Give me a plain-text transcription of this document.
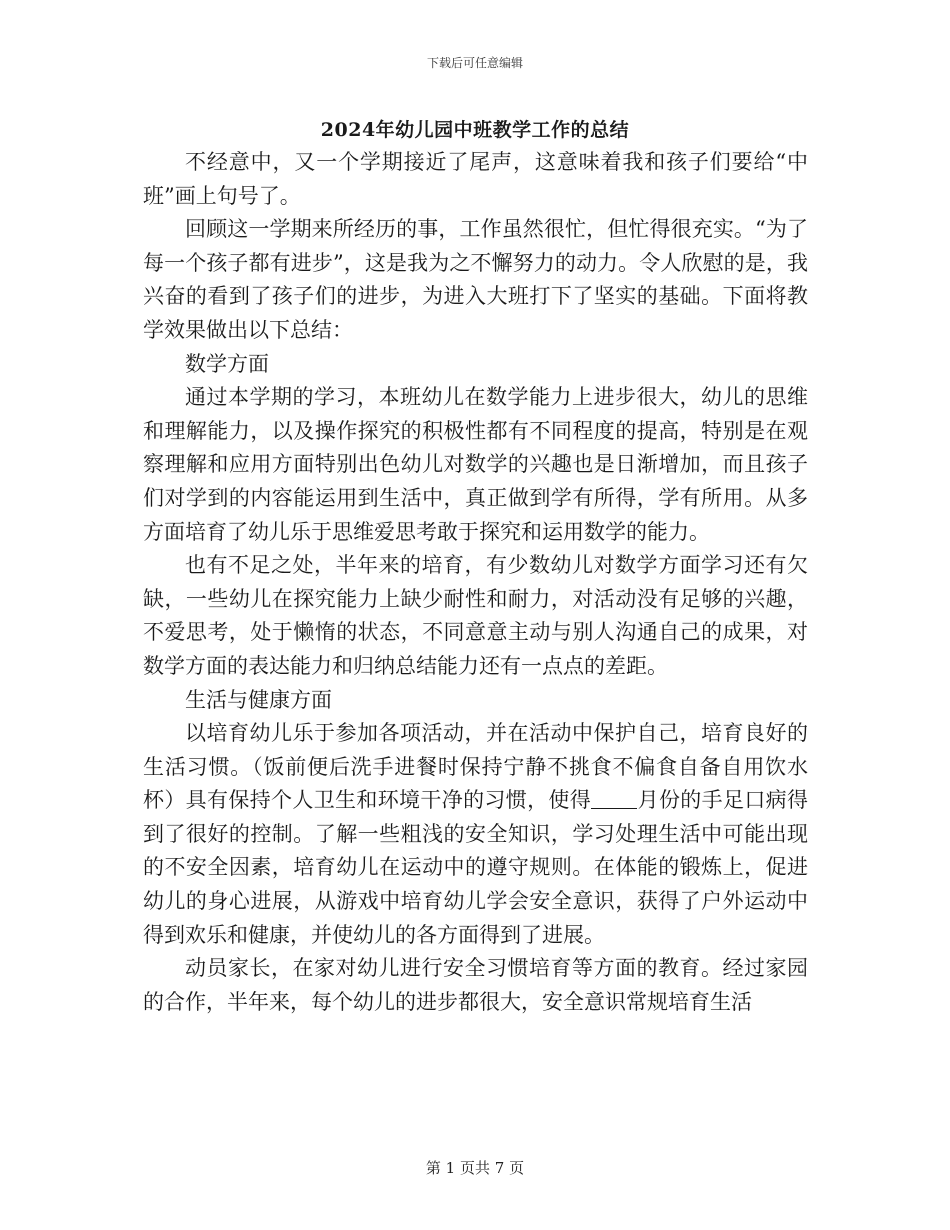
下载后可任意编辑
2024年幼儿园中班教学工作的总结

不经意中，又一个学期接近了尾声，这意味着我和孩子们要给“中班”画上句号了。

回顾这一学期来所经历的事，工作虽然很忙，但忙得很充实。“为了每一个孩子都有进步”，这是我为之不懈努力的动力。令人欣慰的是，我兴奋的看到了孩子们的进步，为进入大班打下了坚实的基础。下面将教学效果做出以下总结：

数学方面

通过本学期的学习，本班幼儿在数学能力上进步很大，幼儿的思维和理解能力，以及操作探究的积极性都有不同程度的提高，特别是在观察理解和应用方面特别出色幼儿对数学的兴趣也是日渐增加，而且孩子们对学到的内容能运用到生活中，真正做到学有所得，学有所用。从多方面培育了幼儿乐于思维爱思考敢于探究和运用数学的能力。

也有不足之处，半年来的培育，有少数幼儿对数学方面学习还有欠缺，一些幼儿在探究能力上缺少耐性和耐力，对活动没有足够的兴趣，不爱思考，处于懒惰的状态，不同意意主动与别人沟通自己的成果，对数学方面的表达能力和归纳总结能力还有一点点的差距。

生活与健康方面

以培育幼儿乐于参加各项活动，并在活动中保护自己，培育良好的生活习惯。（饭前便后洗手进餐时保持宁静不挑食不偏食自备自用饮水杯）具有保持个人卫生和环境干净的习惯，使得 月份的手足口病得到了很好的控制。了解一些粗浅的安全知识，学习处理生活中可能出现的不安全因素，培育幼儿在运动中的遵守规则。在体能的锻炼上，促进幼儿的身心进展，从游戏中培育幼儿学会安全意识，获得了户外运动中得到欢乐和健康，并使幼儿的各方面得到了进展。

动员家长，在家对幼儿进行安全习惯培育等方面的教育。经过家园的合作，半年来，每个幼儿的进步都很大，安全意识常规培育生活

第 1 页共 7 页
